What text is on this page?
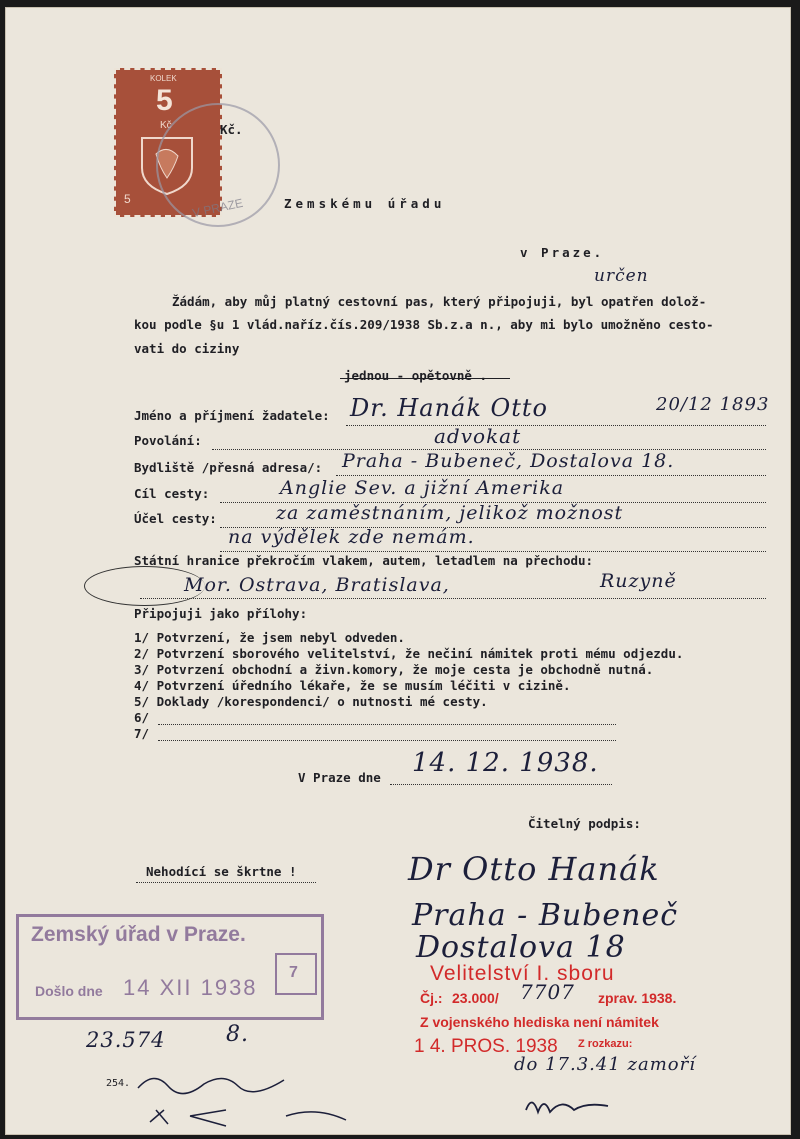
KOLEK
5
Kč
5
Kč.
V PRAZE	Zemskému úřadu
v Praze.
určen
Žádám, aby můj platný cestovní pas, který připojuji, byl opatřen dolož-
kou podle §u 1 vlád.naříz.čís.209/1938 Sb.z.a n., aby mi bylo umožněno cesto-
vati do ciziny
jednou - opětovně .
Jméno a příjmení žadatele: Dr. Hanák Otto	20/12 1893
Povolání:	advokat
Bydliště /přesná adresa/: Praha - Bubeneč, Dostalova 18.
Cíl cesty:	Anglie Sev. a jižní Amerika
Účel cesty:	za zaměstnáním, jelikož možnost
na výdělek zde nemám.
Státní hranice překročím vlakem, autem, letadlem na přechodu:
Mor. Ostrava, Bratislava,	Ruzyně
Připojuji jako přílohy:
1/ Potvrzení, že jsem nebyl odveden.
2/ Potvrzení sborového velitelství, že nečiní námitek proti mému odjezdu.
3/ Potvrzení obchodní a živn.komory, že moje cesta je obchodně nutná.
4/ Potvrzení úředního lékaře, že se musím léčiti v cizině.
5/ Doklady /korespondenci/ o nutnosti mé cesty.
6/
7/
V Praze dne 14. 12. 1938.
Čitelný podpis:
Dr Otto Hanák
Praha - Bubeneč
Dostalova 18
Nehodící se škrtne !
Zemský úřad v Praze.
Došlo dne 14 XII 1938
7
23.574	8.
254.
Velitelství I. sboru
Čj.: 23.000/ 7707 zprav. 1938.
Z vojenského hlediska není námitek
1 4. PROS. 1938 Z rozkazu:
do 17.3.41 zamoří
